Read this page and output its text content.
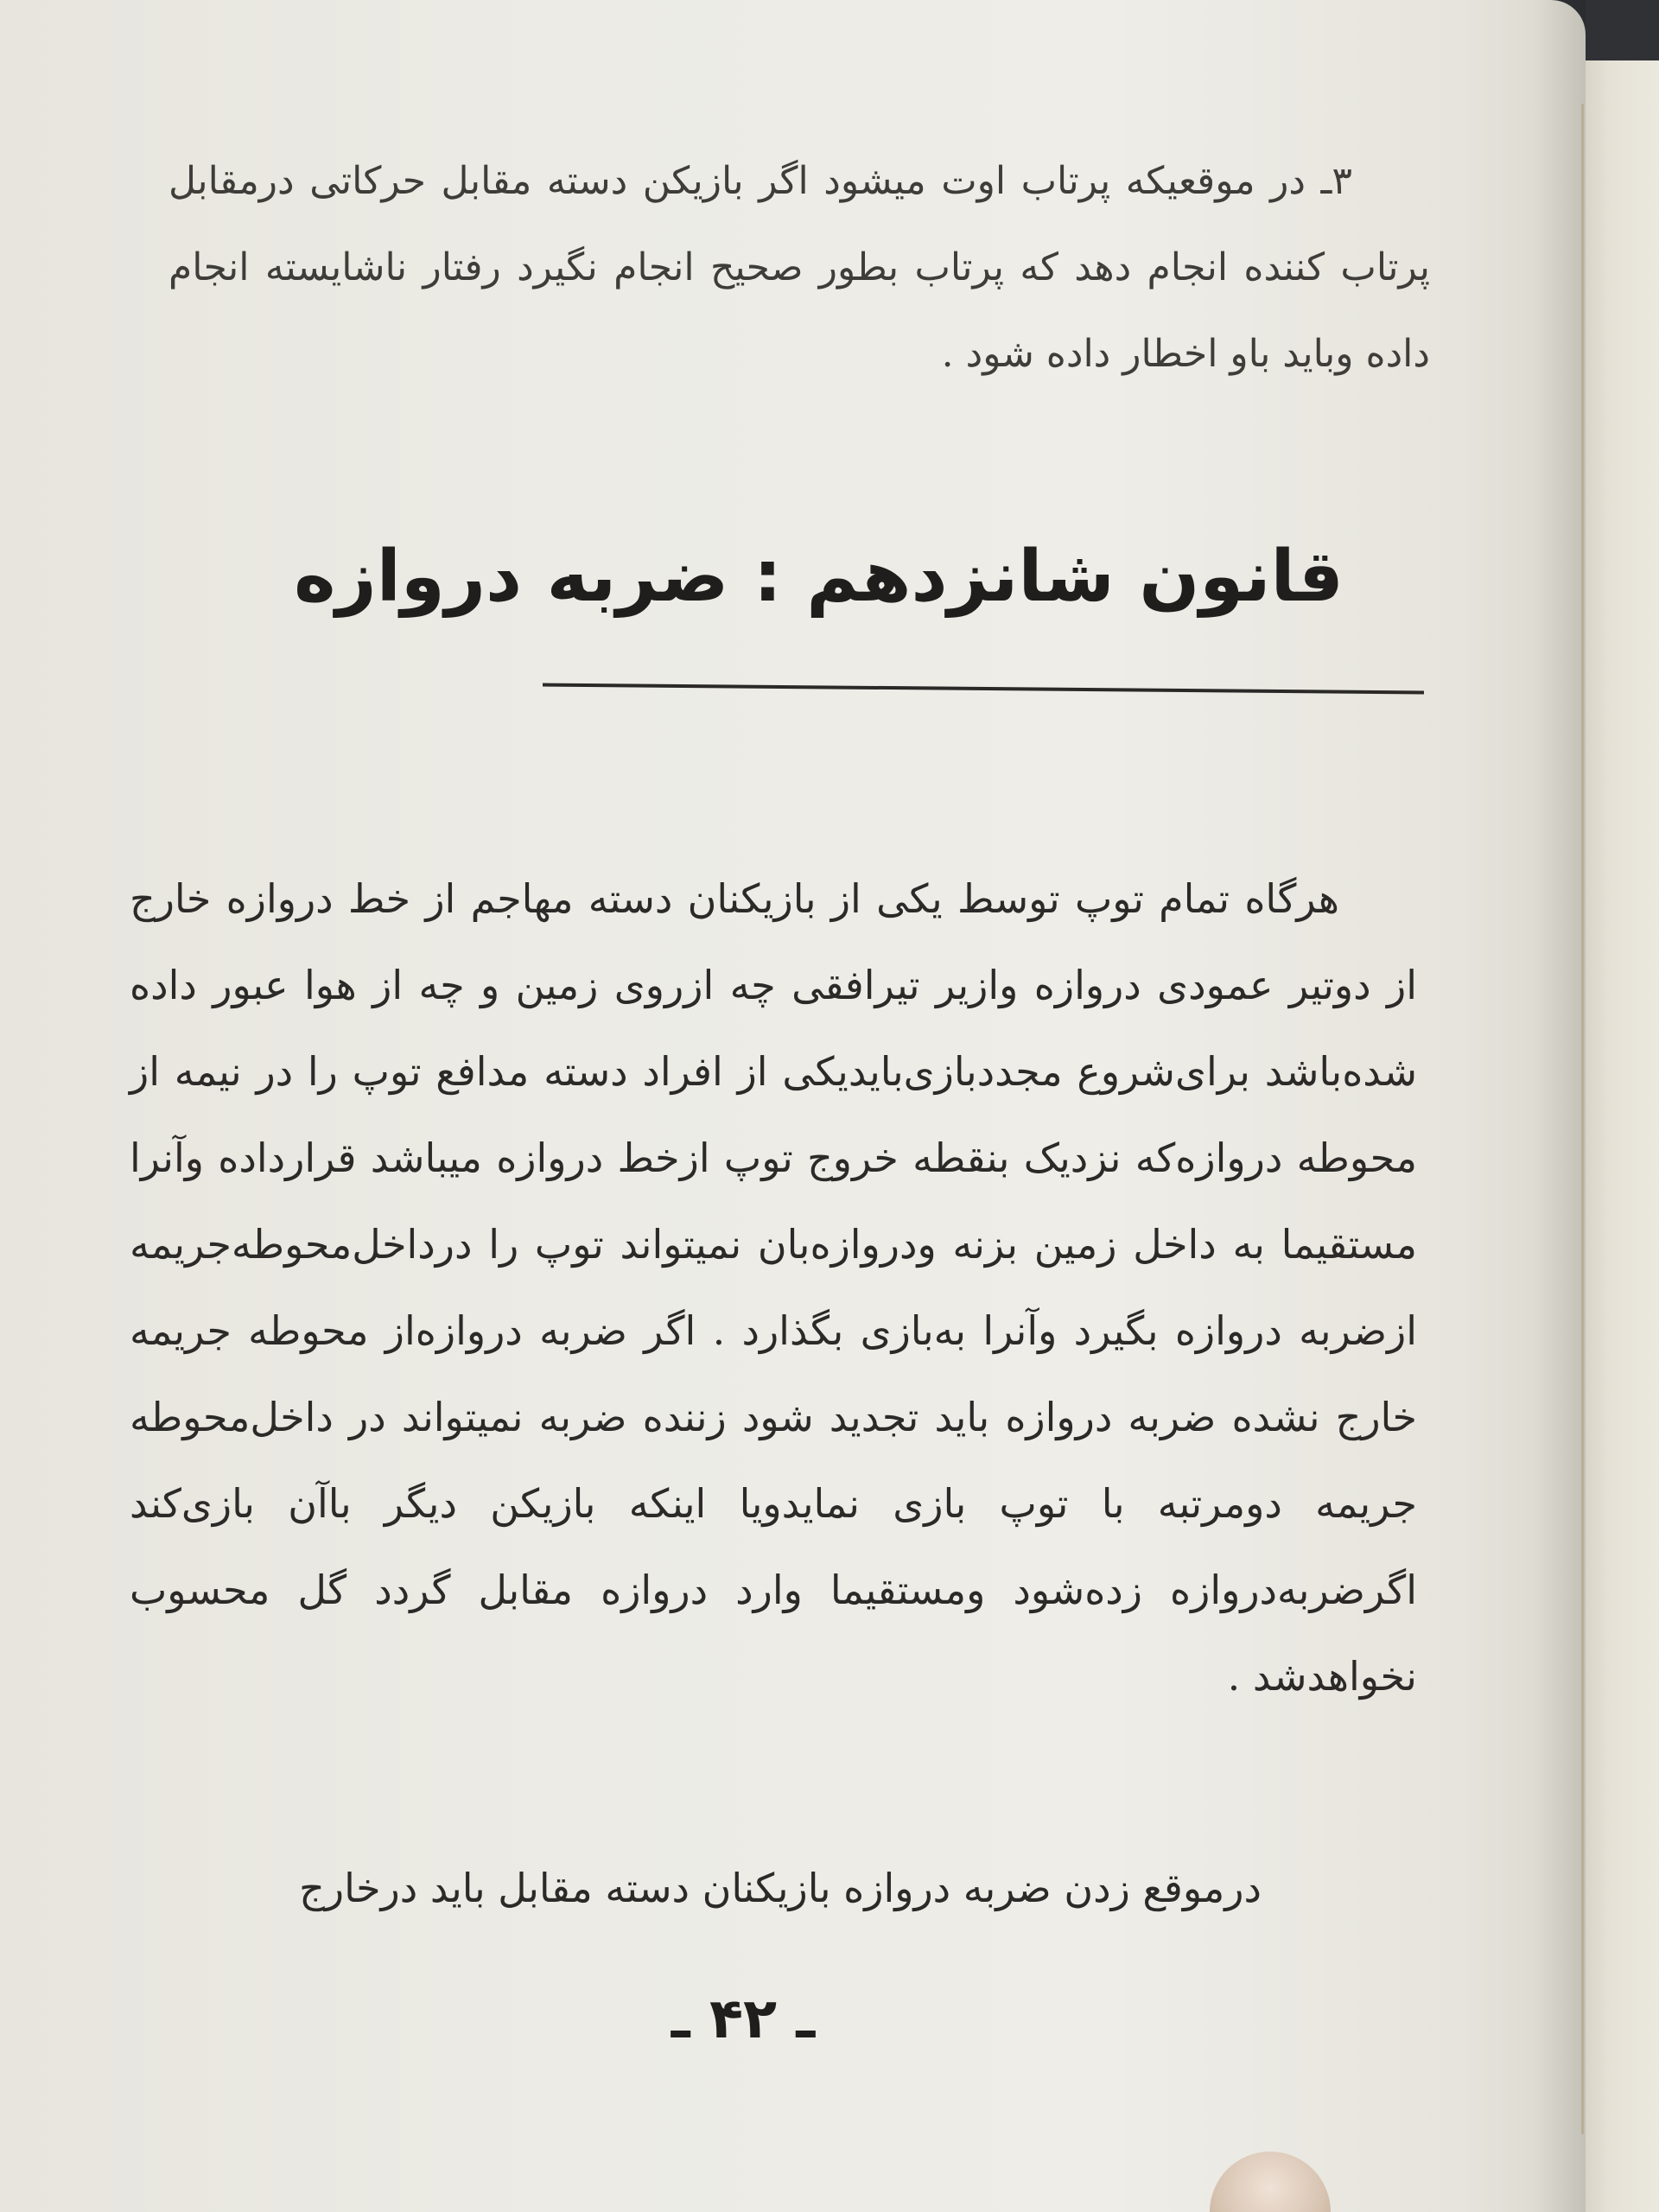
۳ـ در موقعیکه پرتاب اوت میشود اگر بازیکن دسته مقابل حرکاتی درمقابل پرتاب کننده انجام دهد که پرتاب بطور صحیح انجام نگیرد رفتار ناشایسته انجام داده وباید باو اخطار داده شود .

قانون شانزدهم : ضربه دروازه

هرگاه تمام توپ توسط یکی از بازیکنان دسته مهاجم از خط دروازه خارج از دوتیر عمودی دروازه وازیر تیرافقی چه ازروی زمین و چه از هوا عبور داده شده‌باشد برای‌شروع مجددبازی‌بایدیکی از افراد دسته مدافع توپ را در نیمه از محوطه دروازه‌که نزدیک بنقطه خروج توپ ازخط دروازه میباشد قرارداده وآنرا مستقیما به داخل زمین بزنه ودروازه‌بان نمیتواند توپ را درداخل‌محوطه‌جریمه ازضربه دروازه بگیرد وآنرا به‌بازی بگذارد . اگر ضربه دروازه‌از محوطه جریمه خارج نشده ضربه دروازه باید تجدید شود زننده ضربه نمیتواند در داخل‌محوطه جریمه دومرتبه با توپ بازی نمایدویا اینکه بازیکن دیگر باآن بازی‌کند اگرضربه‌دروازه زده‌شود ومستقیما وارد دروازه مقابل گردد گل محسوب نخواهدشد .

درموقع زدن ضربه دروازه بازیکنان دسته مقابل باید درخارج

ـ ۴۲ ـ
